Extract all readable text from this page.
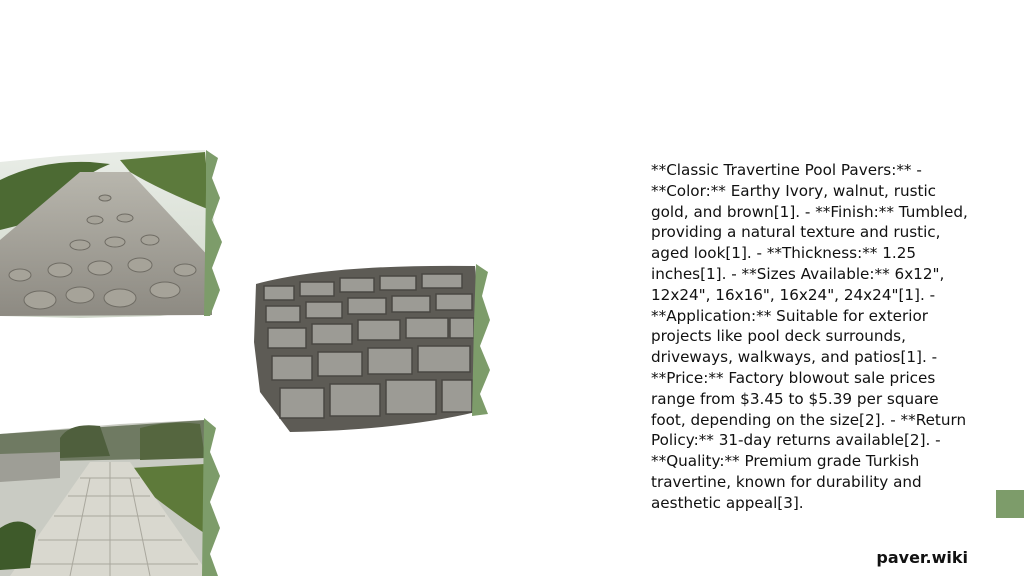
**Classic Travertine Pool Pavers:** - **Color:** Earthy Ivory, walnut, rustic gold, and brown[1]. - **Finish:** Tumbled, providing a natural texture and rustic, aged look[1]. - **Thickness:** 1.25 inches[1]. - **Sizes Available:** 6x12", 12x24", 16x16", 16x24", 24x24"[1]. - **Application:** Suitable for exterior projects like pool deck surrounds, driveways, walkways, and patios[1]. - **Price:** Factory blowout sale prices range from $3.45 to $5.39 per square foot, depending on the size[2]. - **Return Policy:** 31-day returns available[2]. - **Quality:** Premium grade Turkish travertine, known for durability and aesthetic appeal[3].

paver.wiki
